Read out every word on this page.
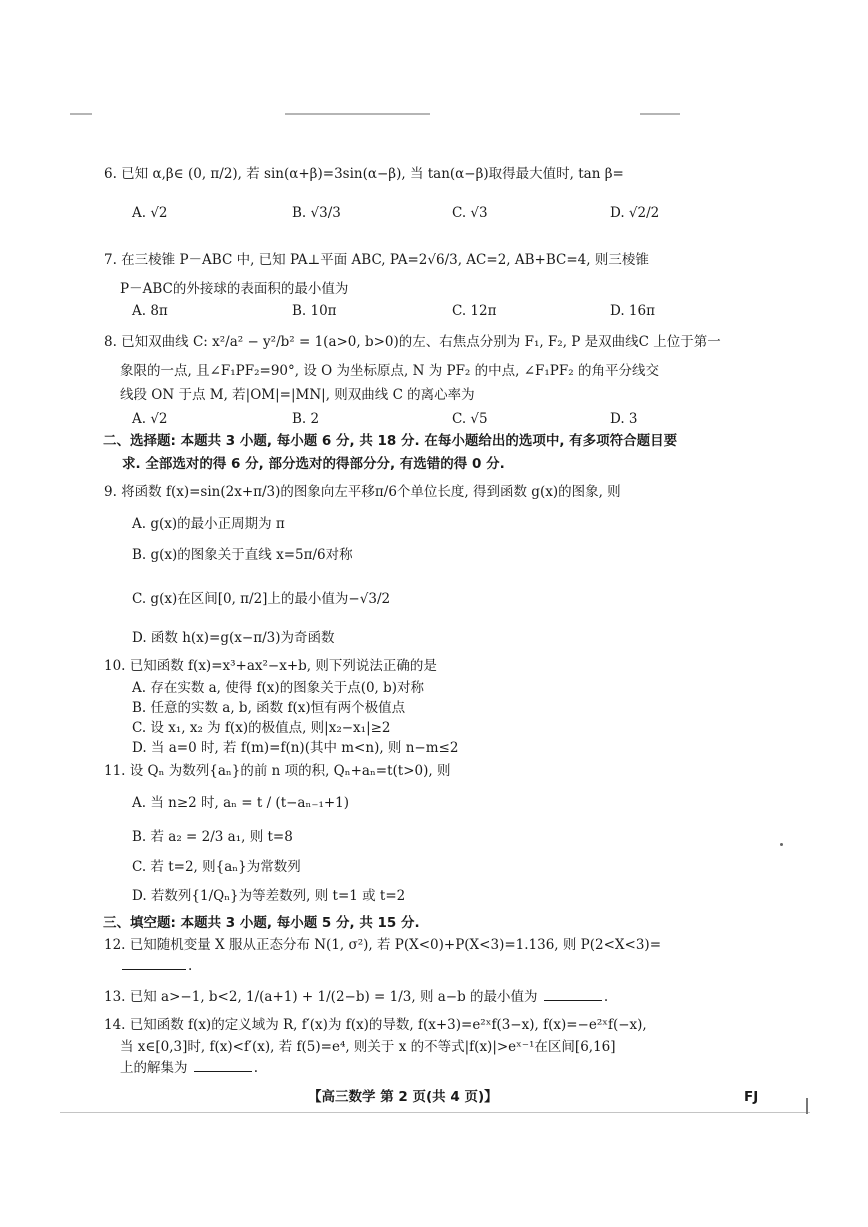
6. 已知 α,β∈ (0, π/2), 若 sin(α+β)=3sin(α−β), 当 tan(α−β)取得最大值时, tan β=
A. √2	B. √3/3	C. √3	D. √2/2
7. 在三棱锥 P－ABC 中, 已知 PA⊥平面 ABC, PA=2√6/3, AC=2, AB+BC=4, 则三棱锥
P－ABC的外接球的表面积的最小值为
A. 8π	B. 10π	C. 12π	D. 16π
8. 已知双曲线 C: x²/a² − y²/b² = 1(a>0, b>0)的左、右焦点分别为 F₁, F₂, P 是双曲线C 上位于第一
象限的一点, 且∠F₁PF₂=90°, 设 O 为坐标原点, N 为 PF₂ 的中点, ∠F₁PF₂ 的角平分线交
线段 ON 于点 M, 若|OM|=|MN|, 则双曲线 C 的离心率为
A. √2	B. 2	C. √5	D. 3
二、选择题: 本题共 3 小题, 每小题 6 分, 共 18 分. 在每小题给出的选项中, 有多项符合题目要
求. 全部选对的得 6 分, 部分选对的得部分分, 有选错的得 0 分.
9. 将函数 f(x)=sin(2x+π/3)的图象向左平移π/6个单位长度, 得到函数 g(x)的图象, 则
A. g(x)的最小正周期为 π
B. g(x)的图象关于直线 x=5π/6对称
C. g(x)在区间[0, π/2]上的最小值为−√3/2
D. 函数 h(x)=g(x−π/3)为奇函数
10. 已知函数 f(x)=x³+ax²−x+b, 则下列说法正确的是
A. 存在实数 a, 使得 f(x)的图象关于点(0, b)对称
B. 任意的实数 a, b, 函数 f(x)恒有两个极值点
C. 设 x₁, x₂ 为 f(x)的极值点, 则|x₂−x₁|≥2
D. 当 a=0 时, 若 f(m)=f(n)(其中 m<n), 则 n−m≤2
11. 设 Qₙ 为数列{aₙ}的前 n 项的积, Qₙ+aₙ=t(t>0), 则
A. 当 n≥2 时, aₙ = t / (t−aₙ₋₁+1)
B. 若 a₂ = 2/3 a₁, 则 t=8
C. 若 t=2, 则{aₙ}为常数列
D. 若数列{1/Qₙ}为等差数列, 则 t=1 或 t=2
三、填空题: 本题共 3 小题, 每小题 5 分, 共 15 分.
12. 已知随机变量 X 服从正态分布 N(1, σ²), 若 P(X<0)+P(X<3)=1.136, 则 P(2<X<3)=
.
13. 已知 a>−1, b<2, 1/(a+1) + 1/(2−b) = 1/3, 则 a−b 的最小值为	.
14. 已知函数 f(x)的定义域为 R, f′(x)为 f(x)的导数, f(x+3)=e²ˣf(3−x), f(x)=−e²ˣf(−x),
当 x∈[0,3]时, f(x)<f′(x), 若 f(5)=e⁴, 则关于 x 的不等式|f(x)|>eˣ⁻¹在区间[6,16]
上的解集为	.
【高三数学 第 2 页(共 4 页)】	FJ
